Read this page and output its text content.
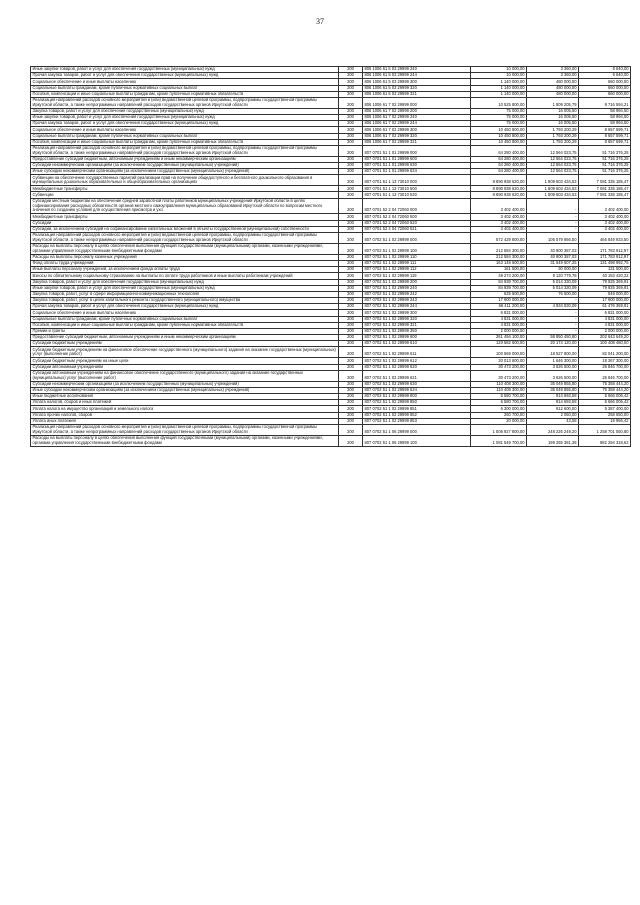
37
Иные закупки товаров, работ и услуг для обеспечения государственных (муниципальных) нужд	200	806 1006 61 5 03 29999 240	10 000,00	3 360,00	6 640,00
Прочая закупка товаров, работ и услуг для обеспечения государственных (муниципальных) нужд	200	806 1006 61 5 03 29999 244	10 000,00	3 360,00	6 640,00
Социальное обеспечение и иные выплаты населению	200	806 1006 61 5 03 29999 300	1 140 000,00	480 000,00	660 000,00
Социальные выплаты гражданам, кроме публичных нормативных социальных выплат	200	806 1006 61 5 03 29999 320	1 140 000,00	480 000,00	660 000,00
Пособия, компенсации и иные социальные выплаты гражданам, кроме публичных нормативных обязательств	200	806 1006 61 5 03 29999 321	1 140 000,00	480 000,00	660 000,00
Реализация направлений расходов основного мероприятия и (или) ведомственной целевой программы, подпрограммы государственной программы Иркутской области, а также непрограммных направлений расходов государственных органов Иркутской области	200	806 1006 61 7 02 29999 000	10 525 800,00	1 809 205,79	8 716 594,21
Закупка товаров, работ и услуг для обеспечения государственных (муниципальных) нужд	200	806 1006 61 7 02 29999 200	75 000,00	16 005,50	58 994,50
Иные закупки товаров, работ и услуг для обеспечения государственных (муниципальных) нужд	200	806 1006 61 7 02 29999 240	75 000,00	16 005,50	58 994,50
Прочая закупка товаров, работ и услуг для обеспечения государственных (муниципальных) нужд	200	806 1006 61 7 02 29999 244	75 000,00	16 005,50	58 994,50
Социальное обеспечение и иные выплаты населению	200	806 1006 61 7 02 29999 300	10 450 800,00	1 793 200,29	8 657 599,71
Социальные выплаты гражданам, кроме публичных нормативных социальных выплат	200	806 1006 61 7 02 29999 320	10 450 800,00	1 793 200,29	8 657 599,71
Пособия, компенсации и иные социальные выплаты гражданам, кроме публичных нормативных обязательств	200	806 1006 61 7 02 29999 321	10 450 800,00	1 793 200,29	8 657 599,71
Реализация направлений расходов основного мероприятия и (или) ведомственной целевой программы, подпрограммы государственной программы Иркутской области, а также непрограммных направлений расходов государственных органов Иркутской области	200	807 0701 51 1 01 29999 000	64 280 400,00	12 564 023,75	51 716 376,25
Предоставление субсидий бюджетным, автономным учреждениям и иным некоммерческим организациям	200	807 0701 51 1 01 29999 600	64 280 400,00	12 564 023,75	51 716 376,25
Субсидии некоммерческим организациям (за исключением государственных (муниципальных) учреждений)	200	807 0701 51 1 01 29999 630	64 280 400,00	12 564 023,75	51 716 376,25
Иные субсидии некоммерческим организациям (за исключением государственных (муниципальных) учреждений)	200	807 0701 51 1 01 29999 634	64 280 400,00	12 564 023,75	51 716 376,25
Субвенции на обеспечение государственных гарантий реализации прав на получение общедоступного и бесплатного дошкольного образования в муниципальных дошкольных образовательных и общеобразовательных организациях	200	807 0701 51 1 13 73010 000	8 890 938 620,00	1 809 603 434,53	7 081 335 185,47
Межбюджетные трансферты	200	807 0701 51 1 13 73010 500	8 890 938 620,00	1 809 603 434,53	7 081 335 185,47
Субвенции	200	807 0701 51 1 13 73010 530	8 890 938 620,00	1 809 603 434,53	7 081 335 185,47
Субсидии местным бюджетам на обеспечение средней заработной платы работников муниципальных учреждений Иркутской области в целях софинансирования расходных обязательств органов местного самоуправления муниципальных образований Иркутской области по вопросам местного значения по созданию условий для осуществления присмотра и ухо	200	807 0701 52 2 04 72060 000	3 402 400,00	-	3 402 400,00
Межбюджетные трансферты	200	807 0701 52 2 04 72060 500	3 402 400,00	-	3 402 400,00
Субсидии	200	807 0701 52 2 04 72060 520	3 402 400,00	-	3 402 400,00
Субсидии, за исключением субсидий на софинансирование капитальных вложений в объекты государственной (муниципальной) собственности	200	807 0701 52 2 04 72060 521	3 402 400,00	-	3 402 400,00
Реализация направлений расходов основного мероприятия и (или) ведомственной целевой программы, подпрограммы государственной программы Иркутской области, а также непрограммных направлений расходов государственных органов Иркутской области	200	807 0702 51 1 02 29999 000	572 429 800,00	105 579 866,50	466 849 933,50
Расходы на выплаты персоналу в целях обеспечения выполнения функций государственными (муниципальными) органами, казенными учреждениями, органами управления государственными внебюджетными фондами	200	807 0702 51 1 02 29999 100	212 584 300,00	40 800 387,03	171 783 912,97
Расходы на выплаты персоналу казенных учреждений	200	807 0702 51 1 02 29999 110	212 584 300,00	40 800 387,03	171 783 912,97
Фонд оплаты труда учреждений	200	807 0702 51 1 02 29999 111	163 148 600,00	31 649 607,25	131 498 992,75
Иные выплаты персоналу учреждений, за исключением фонда оплаты труда	200	807 0702 51 1 02 29999 112	161 500,00	30 000,00	131 500,00
Взносы по обязательному социальному страхованию на выплаты по оплате труда работников и иные выплаты работникам учреждений	200	807 0702 51 1 02 29999 119	49 274 200,00	9 120 779,78	40 153 420,22
Закупка товаров, работ и услуг для обеспечения государственных (муниципальных) нужд	200	807 0702 51 1 02 29999 200	84 939 700,00	5 014 330,09	79 925 369,91
Иные закупки товаров, работ и услуг для обеспечения государственных (муниципальных) нужд	200	807 0702 51 1 02 29999 240	84 939 700,00	5 014 330,09	79 925 369,91
Закупка товаров, работ, услуг в сфере информационно-коммуникационных технологий	200	807 0702 51 1 02 29999 242	625 500,00	76 500,00	549 000,00
Закупка товаров, работ, услуг в целях капитального ремонта государственного (муниципального) имущества	200	807 0702 51 1 02 29999 243	17 900 000,00	-	17 900 000,00
Прочая закупка товаров, работ и услуг для обеспечения государственных (муниципальных) нужд	200	807 0702 51 1 02 29999 244	66 411 200,00	4 934 830,09	61 476 369,91
Социальное обеспечение и иные выплаты населению	200	807 0702 51 1 02 29999 300	6 831 000,00	-	6 831 000,00
Социальные выплаты гражданам, кроме публичных нормативных социальных выплат	200	807 0702 51 1 02 29999 320	4 831 000,00	-	4 831 000,00
Пособия, компенсации и иные социальные выплаты гражданам, кроме публичных нормативных обязательств	200	807 0702 51 1 02 29999 321	4 831 000,00	-	4 831 000,00
Премии и гранты	200	807 0702 51 1 02 29999 350	2 000 000,00	-	2 000 000,00
Предоставление субсидий бюджетным, автономным учреждениям и иным некоммерческим организациям	200	807 0702 51 1 02 29999 600	261 494 100,00	58 850 450,80	202 643 649,20
Субсидии бюджетным учреждениям	200	807 0702 51 1 02 29999 610	120 582 600,00	20 174 120,00	100 408 480,00
Субсидии бюджетным учреждениям на финансовое обеспечение государственного (муниципального) задания на оказание государственных (муниципальных) услуг (выполнение работ)	200	807 0702 51 1 02 29999 611	100 569 000,00	18 527 800,00	82 041 200,00
Субсидии бюджетным учреждениям на иные цели	200	807 0702 51 1 02 29999 612	20 013 600,00	1 646 300,00	18 367 300,00
Субсидии автономным учреждениям	200	807 0702 51 1 02 29999 620	30 473 200,00	3 626 500,00	26 846 700,00
Субсидии автономным учреждениям на финансовое обеспечение государственного (муниципального) задания на оказание государственных (муниципальных) услуг (выполнение работ)	200	807 0702 51 1 02 29999 621	30 473 200,00	3 626 500,00	26 846 700,00
Субсидии некоммерческим организациям (за исключением государственных (муниципальных) учреждений)	200	807 0702 51 1 02 29999 630	110 408 300,00	35 049 855,80	75 358 444,20
Иные субсидии некоммерческим организациям (за исключением государственных (муниципальных) учреждений)	200	807 0702 51 1 02 29999 634	110 408 300,00	35 049 855,80	75 358 444,20
Иные бюджетные ассигнования	200	807 0702 51 1 02 29999 800	6 580 700,00	914 693,58	5 666 006,42
Уплата налогов, сборов и иных платежей	200	807 0702 51 1 02 29999 850	6 580 700,00	914 693,58	5 666 006,42
Уплата налога на имущество организаций и земельного налога	200	807 0702 51 1 02 29999 851	6 300 000,00	912 600,00	5 387 400,00
Уплата прочих налогов, сборов	200	807 0702 51 1 02 29999 852	260 700,00	2 050,00	258 650,00
Уплата иных платежей	200	807 0702 51 1 02 29999 853	20 000,00	43,58	19 956,42
Реализация направлений расходов основного мероприятия и (или) ведомственной целевой программы, подпрограммы государственной программы Иркутской области, а также непрограммных направлений расходов государственных органов Иркутской области	200	807 0702 51 1 06 29999 000	1 506 927 800,00	248 226 249,20	1 258 701 550,80
Расходы на выплаты персоналу в целях обеспечения выполнения функций государственными (муниципальными) органами, казенными учреждениями, органами управления государственными внебюджетными фондами	200	807 0702 51 1 06 29999 100	1 081 549 700,00	199 255 381,38	882 294 318,62
